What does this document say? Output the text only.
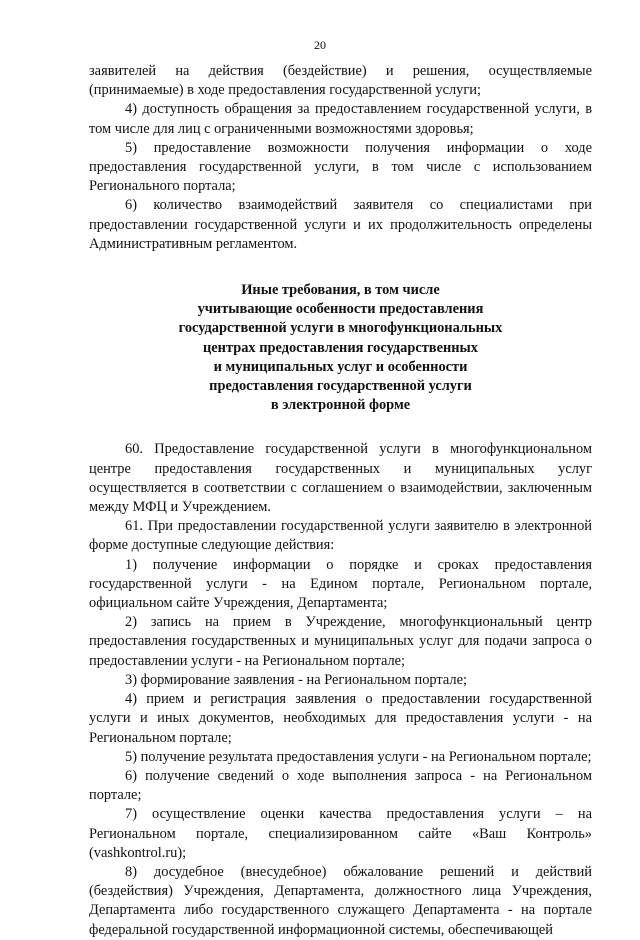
20

заявителей на действия (бездействие) и решения, осуществляемые (принимаемые) в ходе предоставления государственной услуги;

4) доступность обращения за предоставлением государственной услуги, в том числе для лиц с ограниченными возможностями здоровья;

5) предоставление возможности получения информации о ходе предоставления государственной услуги, в том числе с использованием Регионального портала;

6) количество взаимодействий заявителя со специалистами при предоставлении государственной услуги и их продолжительность определены Административным регламентом.

Иные требования, в том числе
учитывающие особенности предоставления
государственной услуги в многофункциональных
центрах предоставления государственных
и муниципальных услуг и особенности
предоставления государственной услуги
в электронной форме

60. Предоставление государственной услуги в многофункциональном центре предоставления государственных и муниципальных услуг осуществляется в соответствии с соглашением о взаимодействии, заключенным между МФЦ и Учреждением.

61. При предоставлении государственной услуги заявителю в электронной форме доступные следующие действия:

1) получение информации о порядке и сроках предоставления государственной услуги - на Едином портале, Региональном портале, официальном сайте Учреждения, Департамента;

2) запись на прием в Учреждение, многофункциональный центр предоставления государственных и муниципальных услуг для подачи запроса о предоставлении услуги - на Региональном портале;

3) формирование заявления - на Региональном портале;

4) прием и регистрация заявления о предоставлении государственной услуги и иных документов, необходимых для предоставления услуги - на Региональном портале;

5) получение результата предоставления услуги - на Региональном портале;

6) получение сведений о ходе выполнения запроса - на Региональном портале;

7) осуществление оценки качества предоставления услуги – на Региональном портале, специализированном сайте «Ваш Контроль» (vashkontrol.ru);

8) досудебное (внесудебное) обжалование решений и действий (бездействия) Учреждения, Департамента, должностного лица Учреждения, Департамента либо государственного служащего Департамента - на портале федеральной государственной информационной системы, обеспечивающей
